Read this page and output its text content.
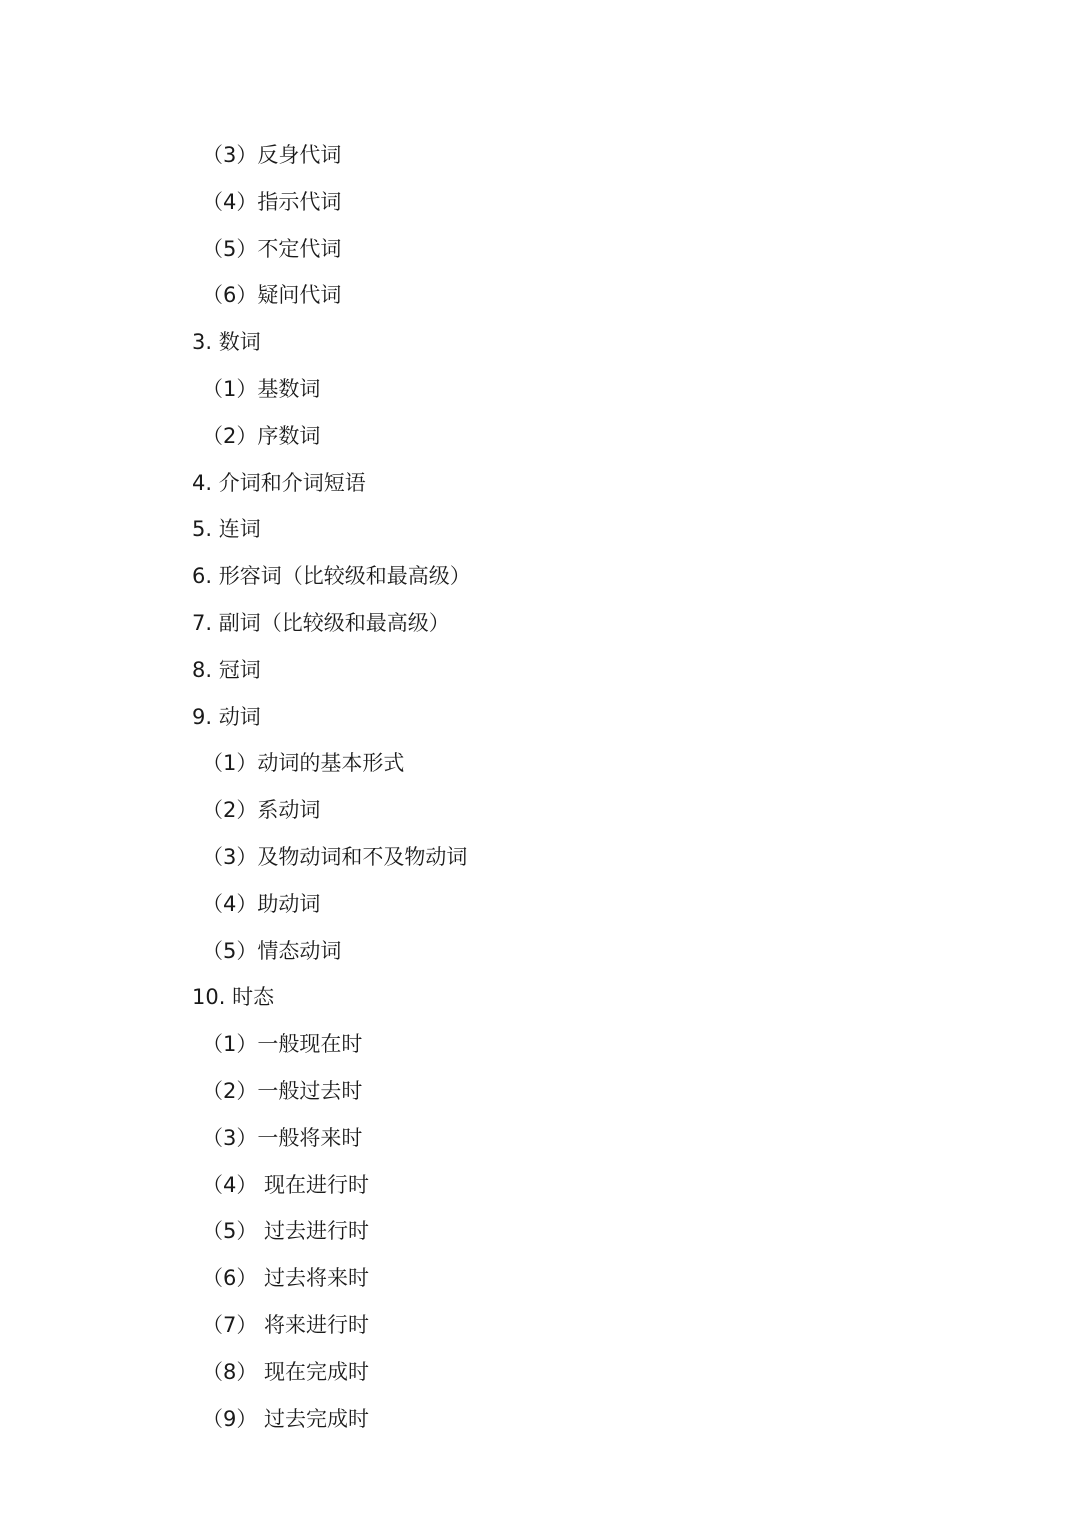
（3）反身代词
（4）指示代词
（5）不定代词
（6）疑问代词
3. 数词
（1）基数词
（2）序数词
4. 介词和介词短语
5. 连词
6. 形容词（比较级和最高级）
7. 副词（比较级和最高级）
8. 冠词
9. 动词
（1）动词的基本形式
（2）系动词
（3）及物动词和不及物动词
（4）助动词
（5）情态动词
10. 时态
（1）一般现在时
（2）一般过去时
（3）一般将来时
（4） 现在进行时
（5） 过去进行时
（6） 过去将来时
（7） 将来进行时
（8） 现在完成时
（9） 过去完成时
